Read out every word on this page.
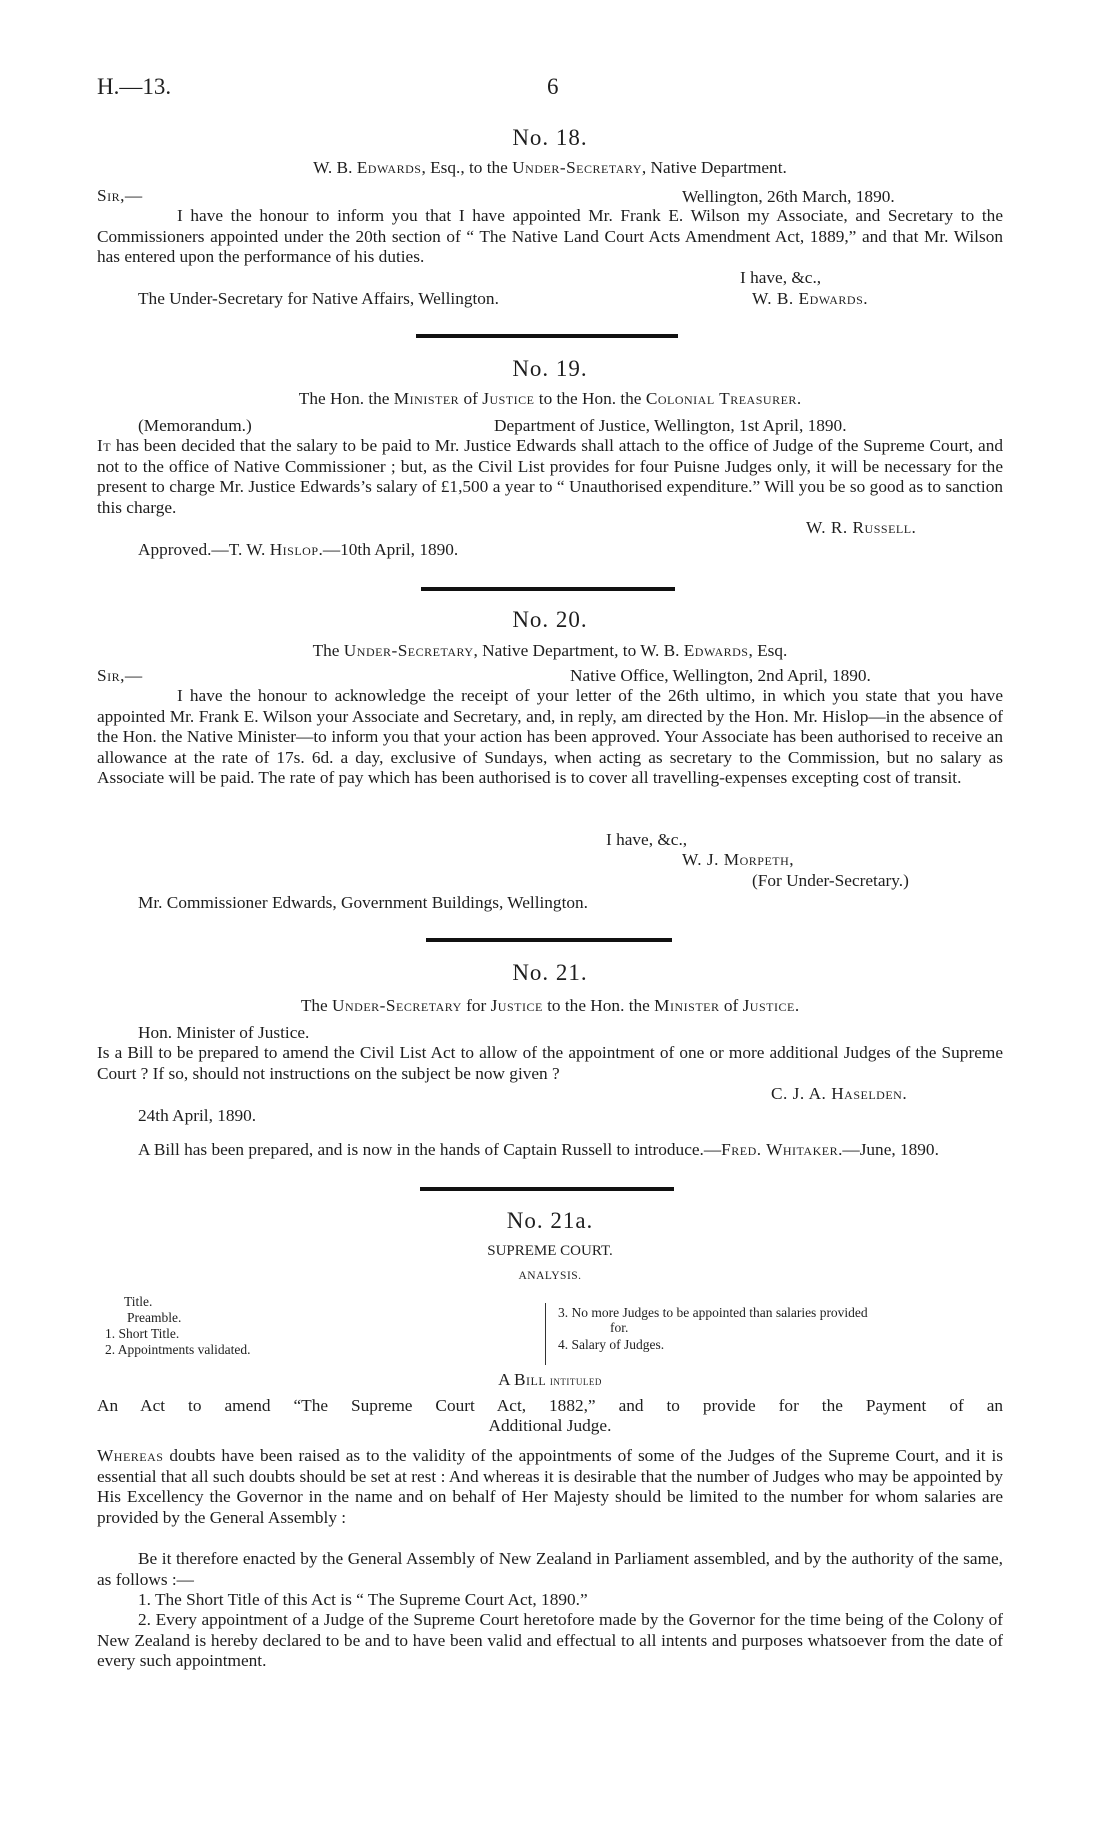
H.—13.	6
No. 18.
W. B. Edwards, Esq., to the Under-Secretary, Native Department.
Sir,—	Wellington, 26th March, 1890.
I have the honour to inform you that I have appointed Mr. Frank E. Wilson my Associate, and Secretary to the Commissioners appointed under the 20th section of “ The Native Land Court Acts Amendment Act, 1889,” and that Mr. Wilson has entered upon the performance of his duties.
I have, &c.,
The Under-Secretary for Native Affairs, Wellington.	W. B. Edwards.
No. 19.
The Hon. the Minister of Justice to the Hon. the Colonial Treasurer.
(Memorandum.)	Department of Justice, Wellington, 1st April, 1890.
It has been decided that the salary to be paid to Mr. Justice Edwards shall attach to the office of Judge of the Supreme Court, and not to the office of Native Commissioner ; but, as the Civil List provides for four Puisne Judges only, it will be necessary for the present to charge Mr. Justice Edwards’s salary of £1,500 a year to “ Unauthorised expenditure.” Will you be so good as to sanction this charge.
W. R. Russell.
Approved.—T. W. Hislop.—10th April, 1890.
No. 20.
The Under-Secretary, Native Department, to W. B. Edwards, Esq.
Sir,—	Native Office, Wellington, 2nd April, 1890.
I have the honour to acknowledge the receipt of your letter of the 26th ultimo, in which you state that you have appointed Mr. Frank E. Wilson your Associate and Secretary, and, in reply, am directed by the Hon. Mr. Hislop—in the absence of the Hon. the Native Minister—to inform you that your action has been approved. Your Associate has been authorised to receive an allowance at the rate of 17s. 6d. a day, exclusive of Sundays, when acting as secretary to the Commission, but no salary as Associate will be paid. The rate of pay which has been authorised is to cover all travelling-expenses excepting cost of transit.
I have, &c.,
W. J. Morpeth,
(For Under-Secretary.)
Mr. Commissioner Edwards, Government Buildings, Wellington.
No. 21.
The Under-Secretary for Justice to the Hon. the Minister of Justice.
Hon. Minister of Justice.
Is a Bill to be prepared to amend the Civil List Act to allow of the appointment of one or more additional Judges of the Supreme Court ? If so, should not instructions on the subject be now given ?
C. J. A. Haselden.
24th April, 1890.
A Bill has been prepared, and is now in the hands of Captain Russell to introduce.—Fred. Whitaker.—June, 1890.
No. 21a.
SUPREME COURT.
ANALYSIS.
Title.
Preamble.
1. Short Title.
2. Appointments validated.
3. No more Judges to be appointed than salaries provided
for.
4. Salary of Judges.
A Bill intituled
An Act to amend “The Supreme Court Act, 1882,” and to provide for the Payment of an
Additional Judge.
Whereas doubts have been raised as to the validity of the appointments of some of the Judges of the Supreme Court, and it is essential that all such doubts should be set at rest : And whereas it is desirable that the number of Judges who may be appointed by His Excellency the Governor in the name and on behalf of Her Majesty should be limited to the number for whom salaries are provided by the General Assembly :
Be it therefore enacted by the General Assembly of New Zealand in Parliament assembled, and by the authority of the same, as follows :—
1. The Short Title of this Act is “ The Supreme Court Act, 1890.”
2. Every appointment of a Judge of the Supreme Court heretofore made by the Governor for the time being of the Colony of New Zealand is hereby declared to be and to have been valid and effectual to all intents and purposes whatsoever from the date of every such appointment.
